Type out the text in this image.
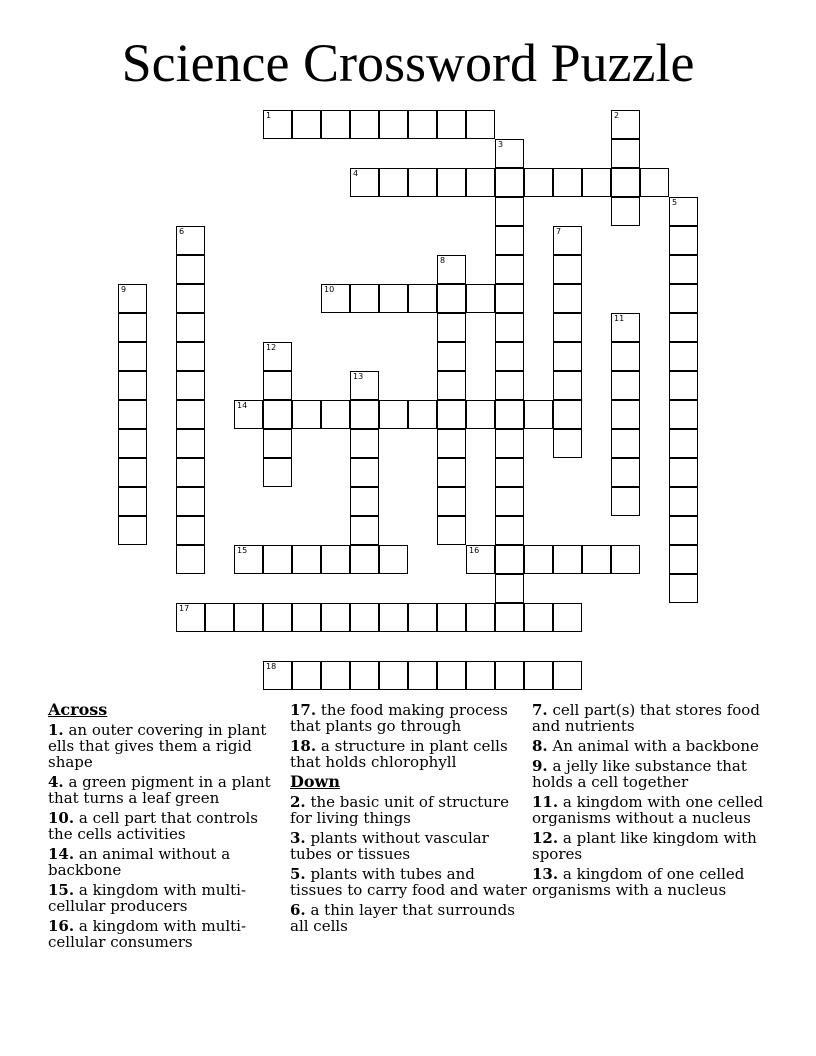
Science Crossword Puzzle
1
4
10
14
15	16
17
18
2
3
5
6	7
8
9
11
12
13
Across
1. an outer covering in plant ells that gives them a rigid shape
4. a green pigment in a plant that turns a leaf green
10. a cell part that controls the cells activities
14. an animal without a backbone
15. a kingdom with multi-cellular producers
16. a kingdom with multi-cellular consumers
17. the food making process that plants go through
18. a structure in plant cells that holds chlorophyll
Down
2. the basic unit of structure for living things
3. plants without vascular tubes or tissues
5. plants with tubes and tissues to carry food and water
6. a thin layer that surrounds all cells
7. cell part(s) that stores food and nutrients
8. An animal with a backbone
9. a jelly like substance that holds a cell together
11. a kingdom with one celled organisms without a nucleus
12. a plant like kingdom with spores
13. a kingdom of one celled organisms with a nucleus
